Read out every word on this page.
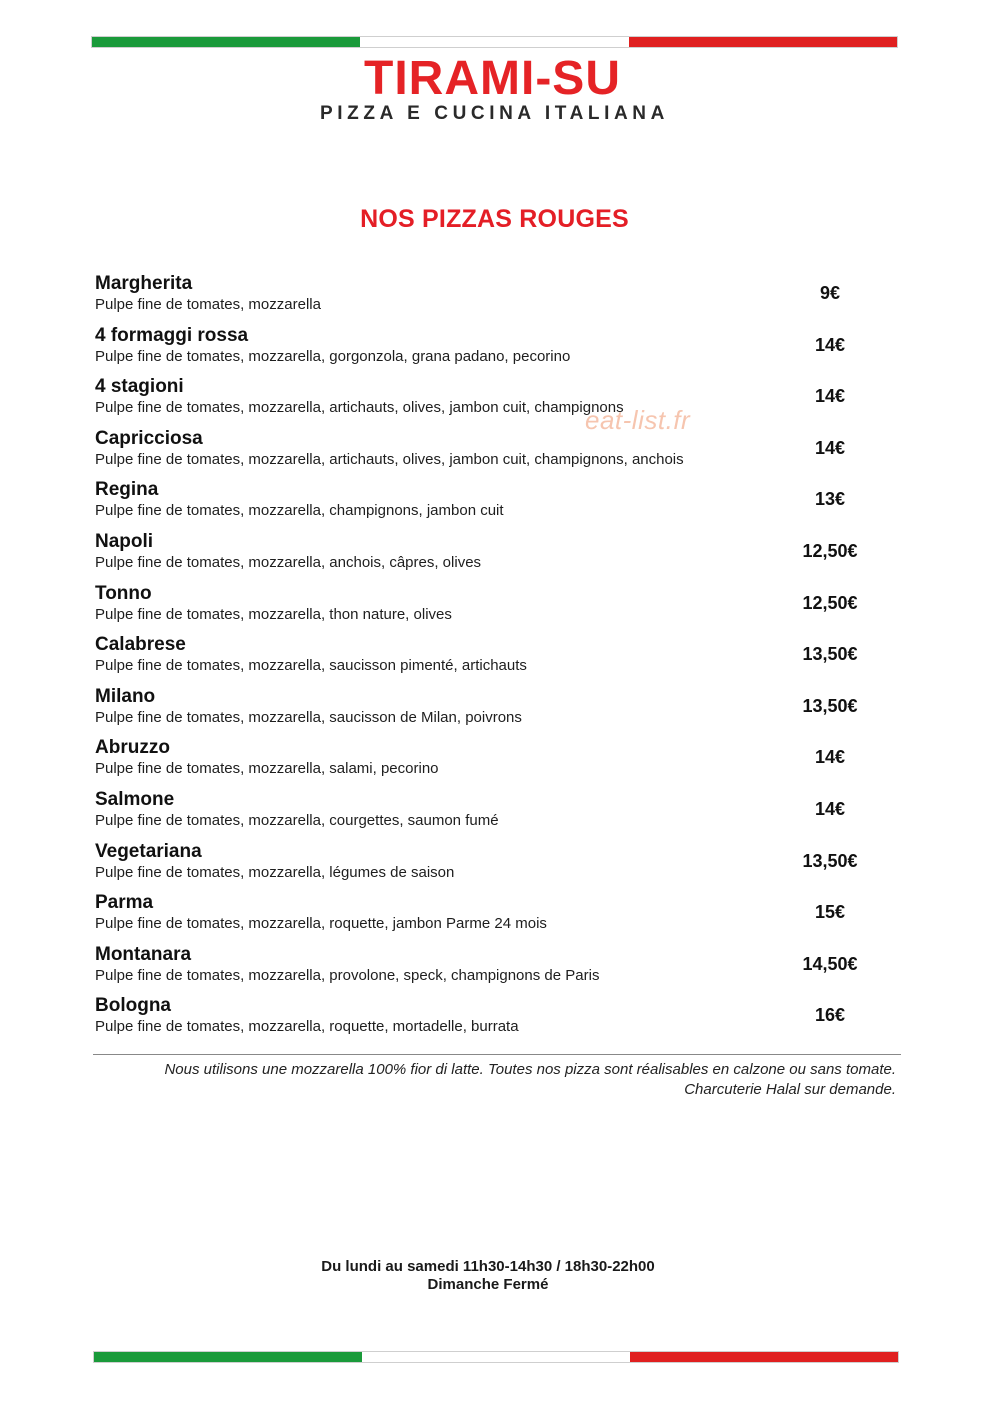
TIRAMI-SU
PIZZA E CUCINA ITALIANA
NOS PIZZAS ROUGES
Margherita
Pulpe fine de tomates, mozzarella
9€
4 formaggi rossa
Pulpe fine de tomates, mozzarella, gorgonzola, grana padano, pecorino
14€
4 stagioni
Pulpe fine de tomates, mozzarella, artichauts, olives, jambon cuit, champignons
14€
Capricciosa
Pulpe fine de tomates, mozzarella, artichauts, olives, jambon cuit, champignons, anchois
14€
Regina
Pulpe fine de tomates, mozzarella, champignons, jambon cuit
13€
Napoli
Pulpe fine de tomates, mozzarella, anchois, câpres, olives
12,50€
Tonno
Pulpe fine de tomates, mozzarella, thon nature, olives
12,50€
Calabrese
Pulpe fine de tomates, mozzarella, saucisson pimenté, artichauts
13,50€
Milano
Pulpe fine de tomates, mozzarella, saucisson de Milan, poivrons
13,50€
Abruzzo
Pulpe fine de tomates, mozzarella, salami, pecorino
14€
Salmone
Pulpe fine de tomates, mozzarella, courgettes, saumon fumé
14€
Vegetariana
Pulpe fine de tomates, mozzarella, légumes de saison
13,50€
Parma
Pulpe fine de tomates, mozzarella, roquette, jambon Parme 24 mois
15€
Montanara
Pulpe fine de tomates, mozzarella, provolone, speck, champignons de Paris
14,50€
Bologna
Pulpe fine de tomates, mozzarella, roquette, mortadelle, burrata
16€
eat-list.fr
Nous utilisons une mozzarella 100% fior di latte. Toutes nos pizza sont réalisables en calzone ou sans tomate.
Charcuterie Halal sur demande.
Du lundi au samedi 11h30-14h30 / 18h30-22h00
Dimanche Fermé
